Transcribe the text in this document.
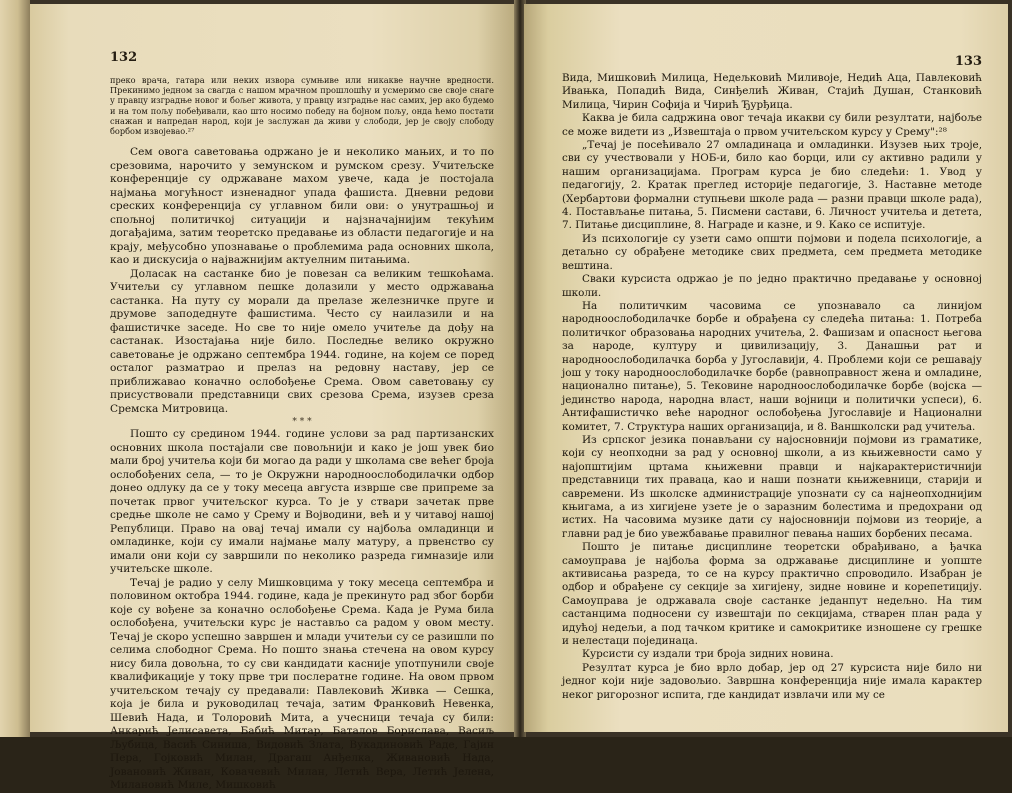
132

преко врача, гатара или неких извора сумњиве или никакве научне вредности. Прекинимо једном за свагда с нашом мрачном прошлошћу и усмеримо све своје снаге у правцу изградње новог и бољег живота, у правцу изградње нас самих, јер ако будемо и на том пољу побеђивали, као што носимо победу на бојном пољу, онда ћемо постати снажан и напредан народ, који је заслужан да живи у слободи, јер је своју слободу борбом извојевао.²⁷

Сем овога саветовања одржано је и неколико мањих, и то по срезовима, нарочито у земунском и румском срезу. Учитељске конференције су одржаване махом увече, када је постојала најмања могућност изненадног упада фашиста. Дневни редови среских конференција су углавном били ови: о унутрашњој и спољној политичкој ситуацији и најзначајнијим текућим догађајима, затим теоретско предавање из области педагогије и на крају, међусобно упознавање о проблемима рада основних школа, као и дискусија о најважнијим актуелним питањима.

Доласак на састанке био је повезан са великим тешкоћама. Учитељи су углавном пешке долазили у место одржавања састанка. На путу су морали да прелазе железничке пруге и друмове заподеднуте фашистима. Често су наилазили и на фашистичке заседе. Но све то није омело учитеље да дођу на састанак. Изостајања није било. Последње велико окружно саветовање је одржано септембра 1944. године, на којем се поред осталог разматрао и прелаз на редовну наставу, јер се приближавао коначно ослобођење Срема. Овом саветовању су присуствовали представници свих срезова Срема, изузев среза Сремска Митровица.

* * *

Пошто су средином 1944. године услови за рад партизанских основних школа постајали све повољнији и како је још увек био мали број учитеља који би могао да ради у школама све већег броја ослобођених села, — то је Окружни народноослободилачки одбор донео одлуку да се у току месеца августа изврше све припреме за почетак првог учитељског курса. То је у ствари зачетак прве средње школе не само у Срему и Војводини, већ и у читавој нашој Републици. Право на овај течај имали су најбоља омладинци и омладинке, који су имали најмање малу матуру, а првенство су имали они који су завршили по неколико разреда гимназије или учитељске школе.

Течај је радио у селу Мишковцима у току месеца септембра и половином октобра 1944. године, када је прекинуто рад због борби које су вођене за коначно ослобођење Срема. Када је Рума била ослобођена, учитељски курс је настављо са радом у овом месту. Течај је скоро успешно завршен и млади учитељи су се разишли по селима слободног Срема. Но пошто знања стечена на овом курсу нису била довољна, то су сви кандидати касније употпунили своје квалификације у току прве три послератне године. На овом првом учитељском течају су предавали: Павлековић Живка — Сешка, која је била и руководилац течаја, затим Франковић Невенка, Шевић Нада, и Толоровић Мита, а учесници течаја су били: Анкарић Јелисавета, Бабић Митар, Баталов Борислава, Васиљ Љубица, Васић Синиша, Видовић Злата, Вукадиновић Раде, Гајин Пера, Гојковић Милан, Драгаш Анђелка, Живановић Нада, Јовановић Живан, Ковачевић Милан, Летић Вера, Летић Јелена, Милановић Миле, Мишковић

133

Вида, Мишковић Милица, Недељковић Миливоје, Недић Аца, Павлековић Ивањка, Попадић Вида, Синђелић Живан, Стајић Душан, Станковић Милица, Чирин Софија и Чирић Ђурђица.

Каква је била садржина овог течаја икакви су били резултати, најбоље се може видети из „Извештаја о првом учитељском курсу у Срему":²⁸

„Течај је посећивало 27 омладинаца и омладинки. Изузев њих троје, сви су учествовали у НОБ-и, било као борци, или су активно радили у нашим организацијама. Програм курса је био следећи: 1. Увод у педагогију, 2. Кратак преглед историје педагогије, 3. Наставне методе (Хербартови формални ступњеви школе рада — разни правци школе рада), 4. Постављање питања, 5. Писмени састави, 6. Личност учитеља и детета, 7. Питање дисциплине, 8. Награде и казне, и 9. Како се испитује.

Из психологије су узети само општи појмови и подела психологије, а детаљно су обрађене методике свих предмета, сем предмета методике вештина.

Сваки курсиста одржао је по једно практично предавање у основној школи.

На политичким часовима се упознавало са линијом народноослободилачке борбе и обрађена су следећа питања: 1. Потреба политичког образовања народних учитеља, 2. Фашизам и опасност његова за народе, културу и цивилизацију, 3. Данашњи рат и народноослободилачка борба у Југославији, 4. Проблеми који се решавају још у току народноослободилачке борбе (равноправност жена и омладине, национално питање), 5. Тековине народноослободилачке борбе (војска — јединство народа, народна власт, наши војници и политички успеси), 6. Антифашистичко веће народног ослобођења Југославије и Национални комитет, 7. Структура наших организација, и 8. Ваншколски рад учитеља.

Из српског језика понављани су најосновнији појмови из граматике, који су неопходни за рад у основној школи, а из књижевности само у најопштијим цртама књижевни правци и најкарактеристичнији представници тих праваца, као и наши познати књижевници, старији и савремени. Из школске администрације упознати су са најнеопходнијим књигама, а из хигијене узете је о заразним болестима и предохрани од истих. На часовима музике дати су најосновнији појмови из теорије, а главни рад је био увежбавање правилног певања наших борбених песама.

Пошто је питање дисциплине теоретски обрађивано, а ђачка самоуправа је најбоља форма за одржавање дисциплине и уопште активисања разреда, то се на курсу практично спроводило. Изабран је одбор и обрађене су секције за хигијену, зидне новине и корепетицију. Самоуправа је одржавала своје састанке једанпут недељно. На тим састанцима подносени су извештаји по секцијама, стварен план рада у идућој недељи, а под тачком критике и самокритике изношене су грешке и нелестаци појединаца.

Курсисти су издали три броја зидних новина.

Резултат курса је био врло добар, јер од 27 курсиста није било ни једног који није задовољио. Завршна конференција није имала карактер неког ригорозног испита, где кандидат извлачи или му се
